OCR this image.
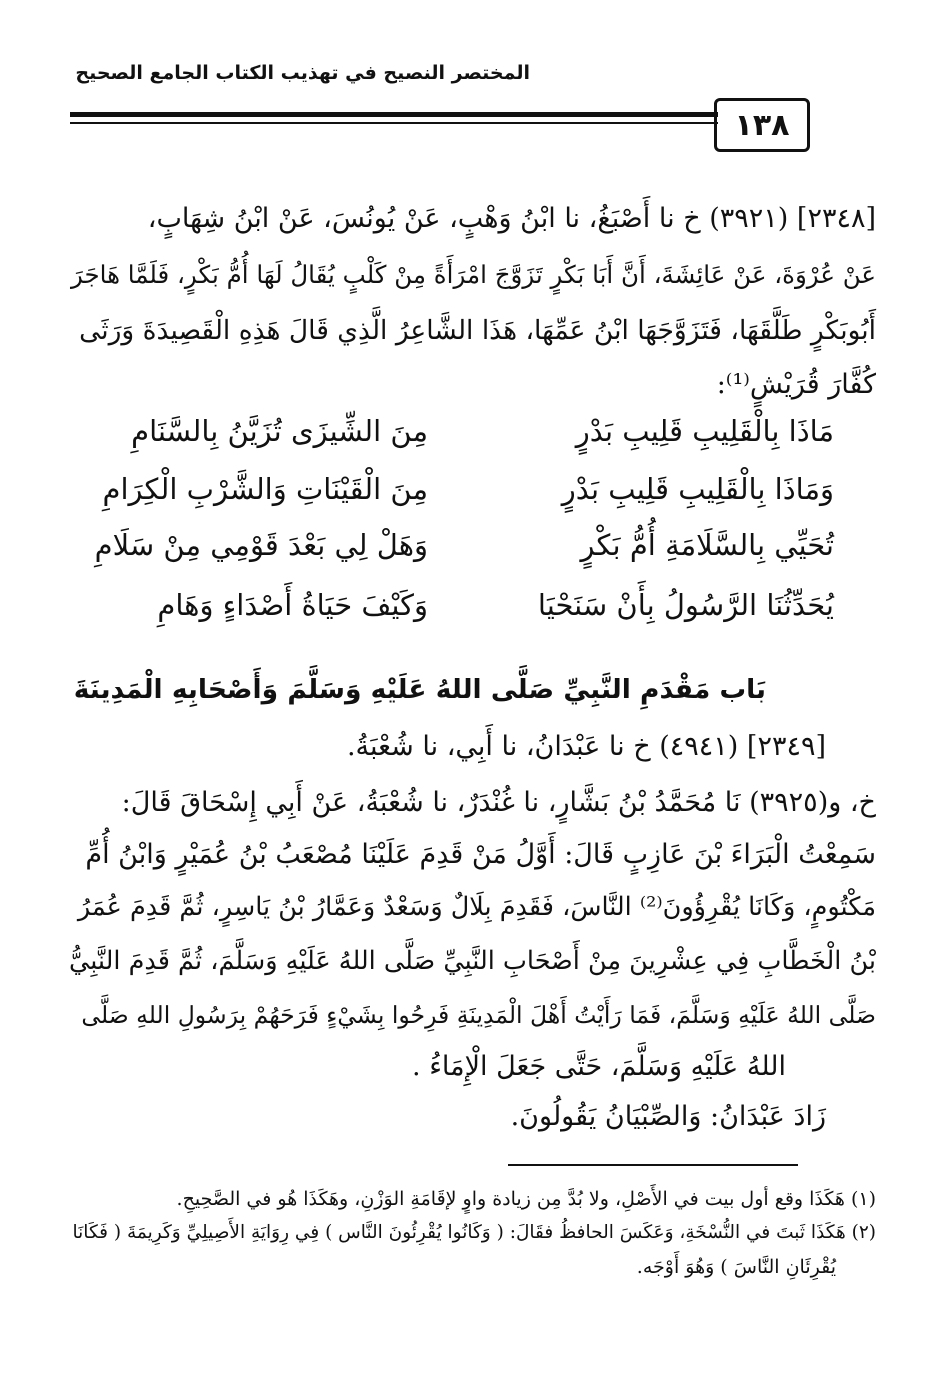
المختصر النصيح في تهذيب الكتاب الجامع الصحيح
١٣٨
[٢٣٤٨] (٣٩٢١) خ نا أَصْبَغُ، نا ابْنُ وَهْبٍ، عَنْ يُونُسَ، عَنْ ابْنُ شِهَابٍ،
عَنْ عُرْوَةَ، عَنْ عَائِشَةَ، أَنَّ أَبَا بَكْرٍ تَزَوَّجَ امْرَأَةً مِنْ كَلْبٍ يُقَالُ لَهَا أُمُّ بَكْرٍ، فَلَمَّا هَاجَرَ
أَبُوبَكْرٍ طَلَّقَهَا، فَتَزَوَّجَهَا ابْنُ عَمِّهَا، هَذَا الشَّاعِرُ الَّذِي قَالَ هَذِهِ الْقَصِيدَةَ وَرَثَى
كُفَّارَ قُرَيْشٍ⁽¹⁾:
مَاذَا بِالْقَلِيبِ قَلِيبِ بَدْرٍ
مِنَ الشِّيزَى تُزَيَّنُ بِالسَّنَامِ
وَمَاذَا بِالْقَلِيبِ قَلِيبِ بَدْرٍ
مِنَ الْقَيْنَاتِ وَالشَّرْبِ الْكِرَامِ
تُحَيِّي بِالسَّلَامَةِ أُمُّ بَكْرٍ
وَهَلْ لِي بَعْدَ قَوْمِي مِنْ سَلَامِ
يُحَدِّثُنَا الرَّسُولُ بِأَنْ سَنَحْيَا
وَكَيْفَ حَيَاةُ أَصْدَاءٍ وَهَامِ
بَاب مَقْدَمِ النَّبِيِّ صَلَّى اللهُ عَلَيْهِ وَسَلَّمَ وَأَصْحَابِهِ الْمَدِينَةَ
[٢٣٤٩] (٤٩٤١) خ نا عَبْدَانُ، نا أَبِي، نا شُعْبَةُ.
خ، و(٣٩٢٥) نَا مُحَمَّدُ بْنُ بَشَّارٍ، نا غُنْدَرٌ، نا شُعْبَةُ، عَنْ أَبِي إِسْحَاقَ قَالَ:
سَمِعْتُ الْبَرَاءَ بْنَ عَازِبٍ قَالَ: أَوَّلُ مَنْ قَدِمَ عَلَيْنَا مُصْعَبُ بْنُ عُمَيْرٍ وَابْنُ أُمِّ
مَكْتُومٍ، وَكَانَا يُقْرِؤُونَ⁽²⁾ النَّاسَ، فَقَدِمَ بِلَالٌ وَسَعْدٌ وَعَمَّارُ بْنُ يَاسِرٍ، ثُمَّ قَدِمَ عُمَرُ
بْنُ الْخَطَّابِ فِي عِشْرِينَ مِنْ أَصْحَابِ النَّبِيِّ صَلَّى اللهُ عَلَيْهِ وَسَلَّمَ، ثُمَّ قَدِمَ النَّبِيُّ
صَلَّى اللهُ عَلَيْهِ وَسَلَّمَ، فَمَا رَأَيْتُ أَهْلَ الْمَدِينَةِ فَرِحُوا بِشَيْءٍ فَرَحَهُمْ بِرَسُولِ اللهِ صَلَّى
اللهُ عَلَيْهِ وَسَلَّمَ، حَتَّى جَعَلَ الْإِمَاءُ .
زَادَ عَبْدَانُ: وَالصِّبْيَانُ يَقُولُونَ.
(١) هَكَذَا وقع أول بيت في الأَصْلِ، ولا بُدَّ مِن زيادة واوٍ لإقَامَةِ الوَزْنِ، وهَكَذَا هُو في الصَّحِيحِ.
(٢) هَكَذَا ثَبتَ في النُّسْخَةِ، وَعَكَسَ الحافظُ فقَالَ: ( وَكَانُوا يُقْرِئُونَ النَّاس ) فِي رِوَايَةِ الأَصِيلِيِّ وَكَرِيمَةَ ( فَكَانَا
يُقْرِئَانِ النَّاسَ ) وَهُوَ أَوْجَه.
